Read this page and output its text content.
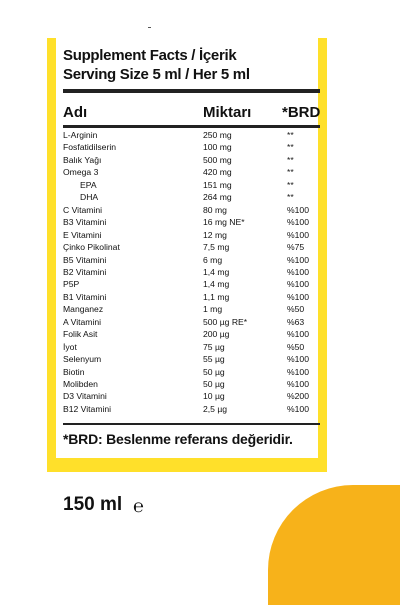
Supplement Facts / İçerik
Serving Size 5 ml / Her 5 ml
Adı	Miktarı *BRD
L-Arginin	250 mg	**
Fosfatidilserin	100 mg	**
Balık Yağı	500 mg	**
Omega 3	420 mg	**
EPA	151 mg	**
DHA	264 mg	**
C Vitamini	80 mg	%100
B3 Vitamini	16 mg NE*	%100
E Vitamini	12 mg	%100
Çinko Pikolinat	7,5 mg	%75
B5 Vitamini	6 mg	%100
B2 Vitamini	1,4 mg	%100
P5P	1,4 mg	%100
B1 Vitamini	1,1 mg	%100
Manganez	1 mg	%50
A Vitamini	500 µg RE*	%63
Folik Asit	200 µg	%100
İyot	75 µg	%50
Selenyum	55 µg	%100
Biotin	50 µg	%100
Molibden	50 µg	%100
D3 Vitamini	10 µg	%200
B12 Vitamini	2,5 µg	%100
*BRD: Beslenme referans değeridir.
150 ml ℮
